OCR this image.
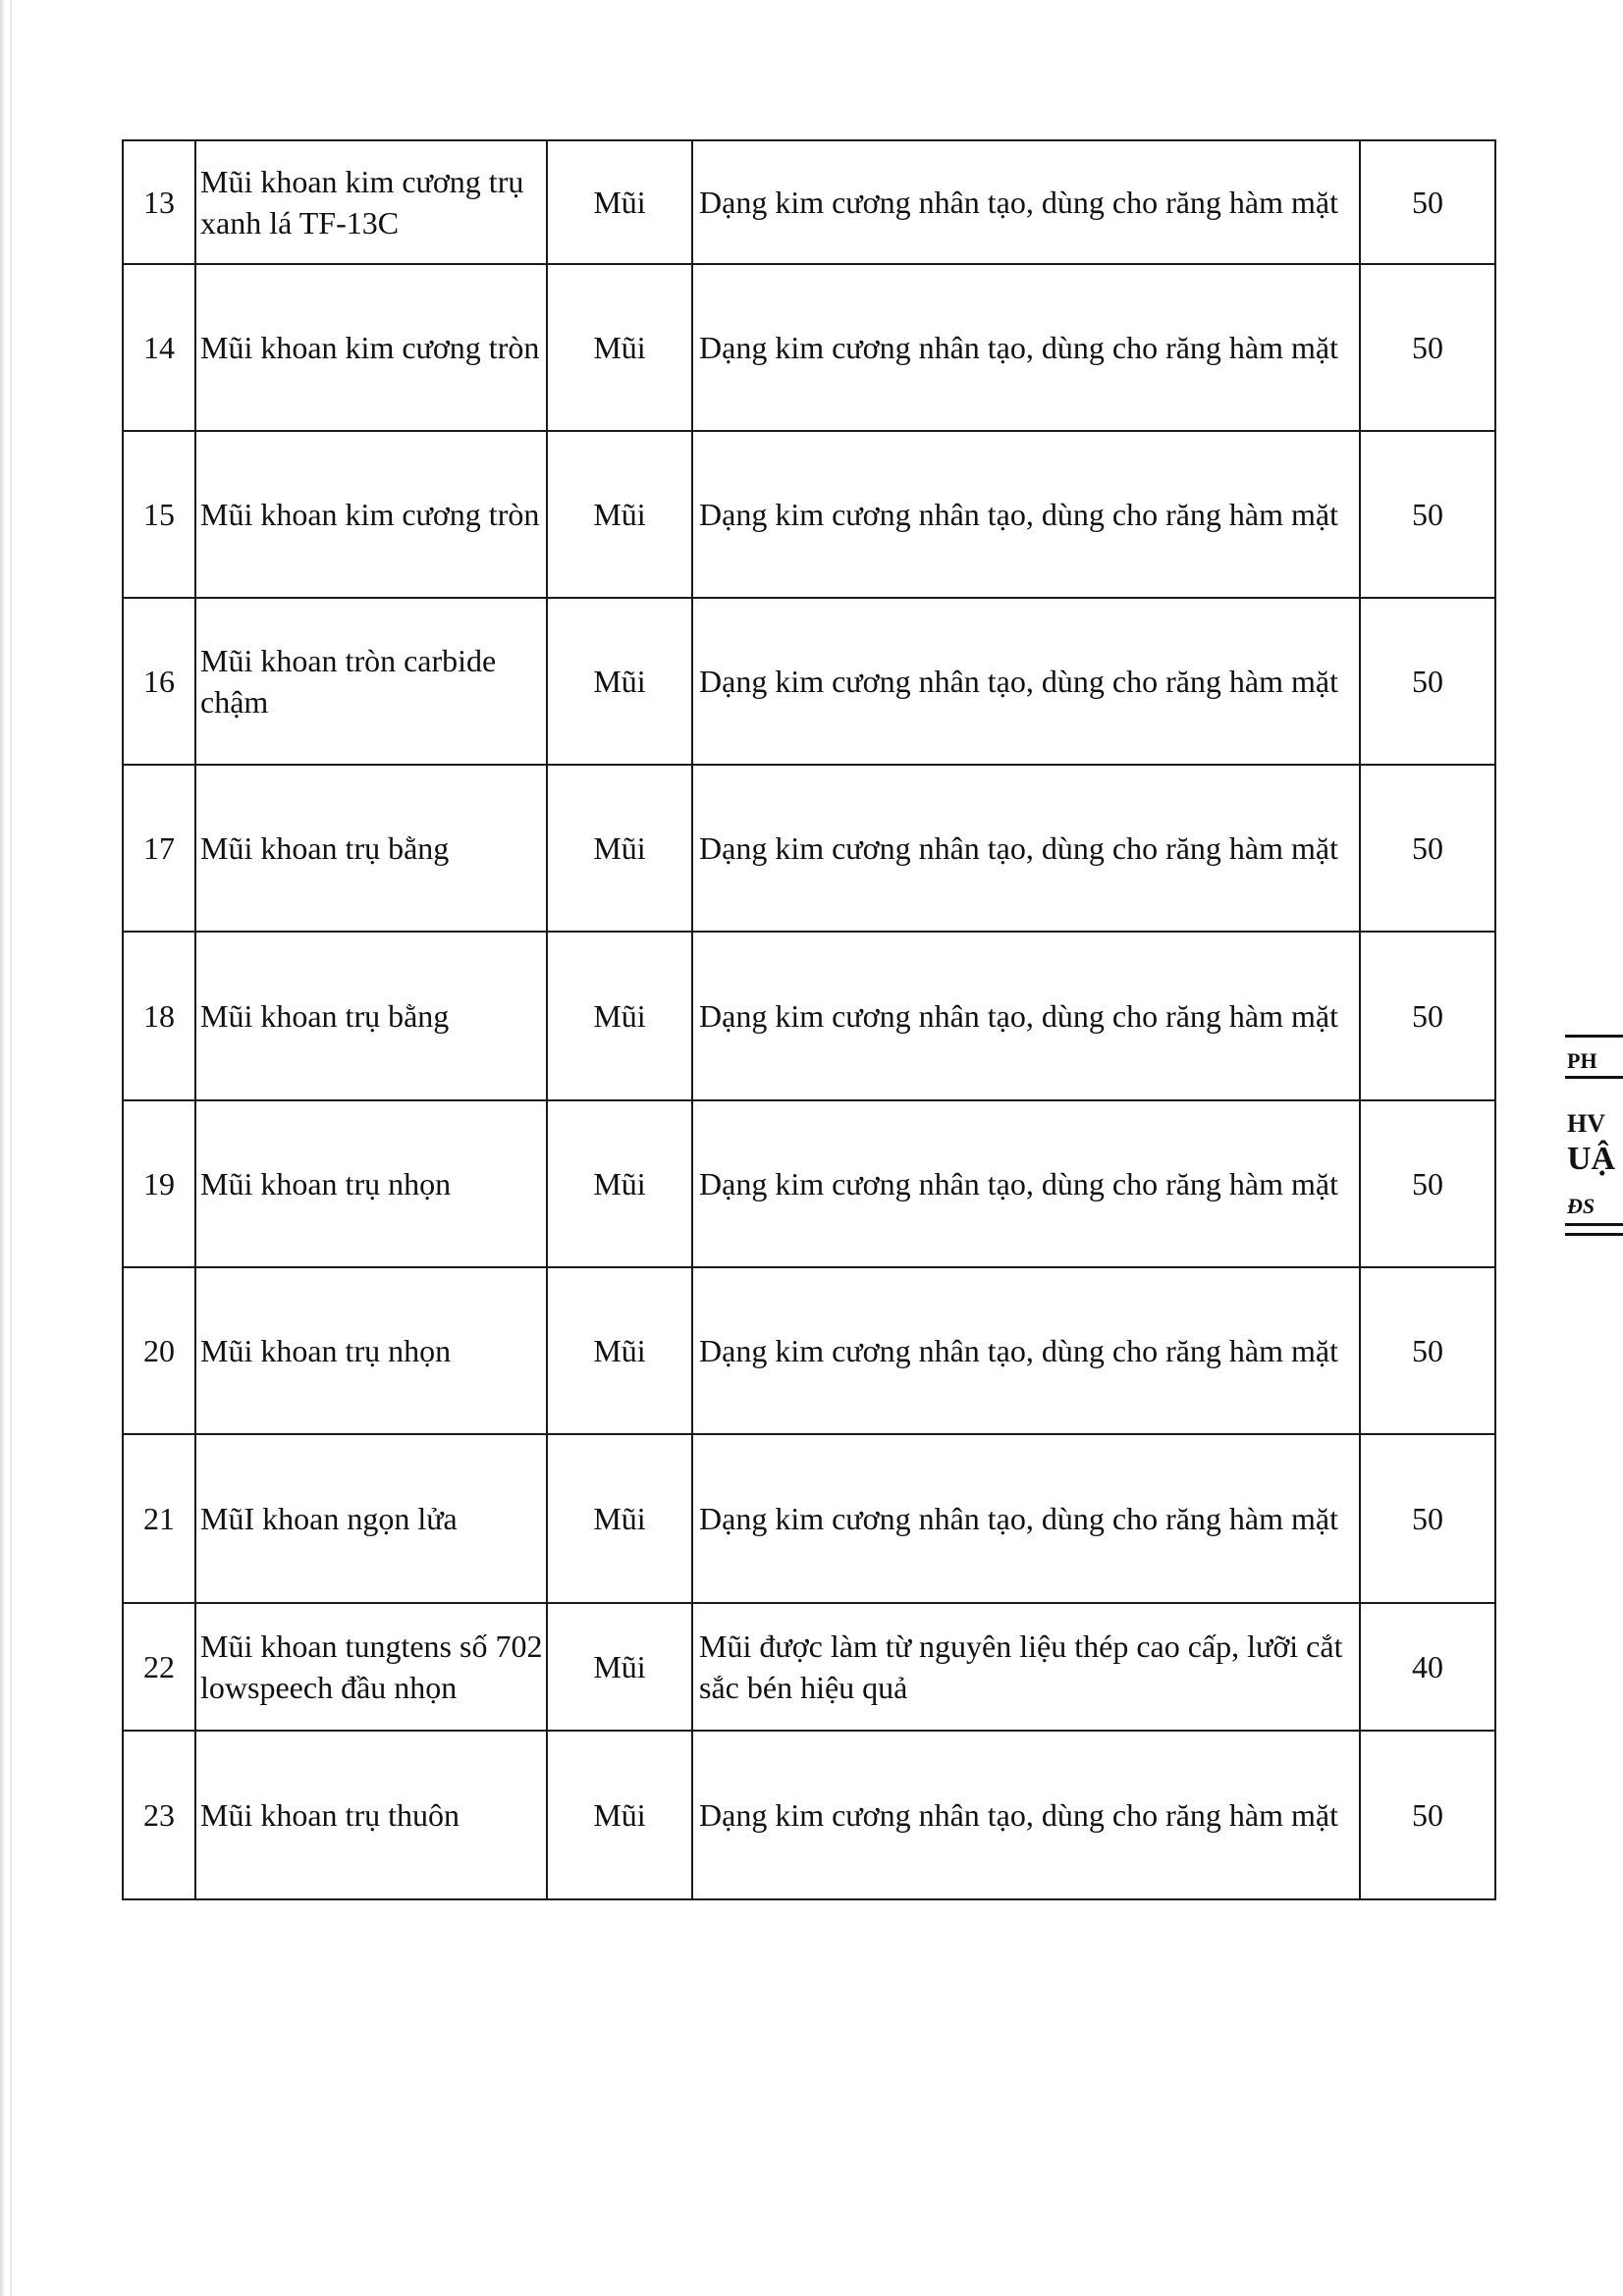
13	Mũi khoan kim cương trụ xanh lá TF-13C	Mũi	Dạng kim cương nhân tạo, dùng cho răng hàm mặt	50
14	Mũi khoan kim cương tròn	Mũi	Dạng kim cương nhân tạo, dùng cho răng hàm mặt	50
15	Mũi khoan kim cương tròn	Mũi	Dạng kim cương nhân tạo, dùng cho răng hàm mặt	50
16	Mũi khoan tròn carbide chậm	Mũi	Dạng kim cương nhân tạo, dùng cho răng hàm mặt	50
17	Mũi khoan trụ bằng	Mũi	Dạng kim cương nhân tạo, dùng cho răng hàm mặt	50
18	Mũi khoan trụ bằng	Mũi	Dạng kim cương nhân tạo, dùng cho răng hàm mặt	50
19	Mũi khoan trụ nhọn	Mũi	Dạng kim cương nhân tạo, dùng cho răng hàm mặt	50
20	Mũi khoan trụ nhọn	Mũi	Dạng kim cương nhân tạo, dùng cho răng hàm mặt	50
21	MũI khoan ngọn lửa	Mũi	Dạng kim cương nhân tạo, dùng cho răng hàm mặt	50
22	Mũi khoan tungtens số 702 lowspeech đầu nhọn	Mũi	Mũi được làm từ nguyên liệu thép cao cấp, lưỡi cắt sắc bén hiệu quả	40
23	Mũi khoan trụ thuôn	Mũi	Dạng kim cương nhân tạo, dùng cho răng hàm mặt	50
PH
HV
UẬ
ĐS
